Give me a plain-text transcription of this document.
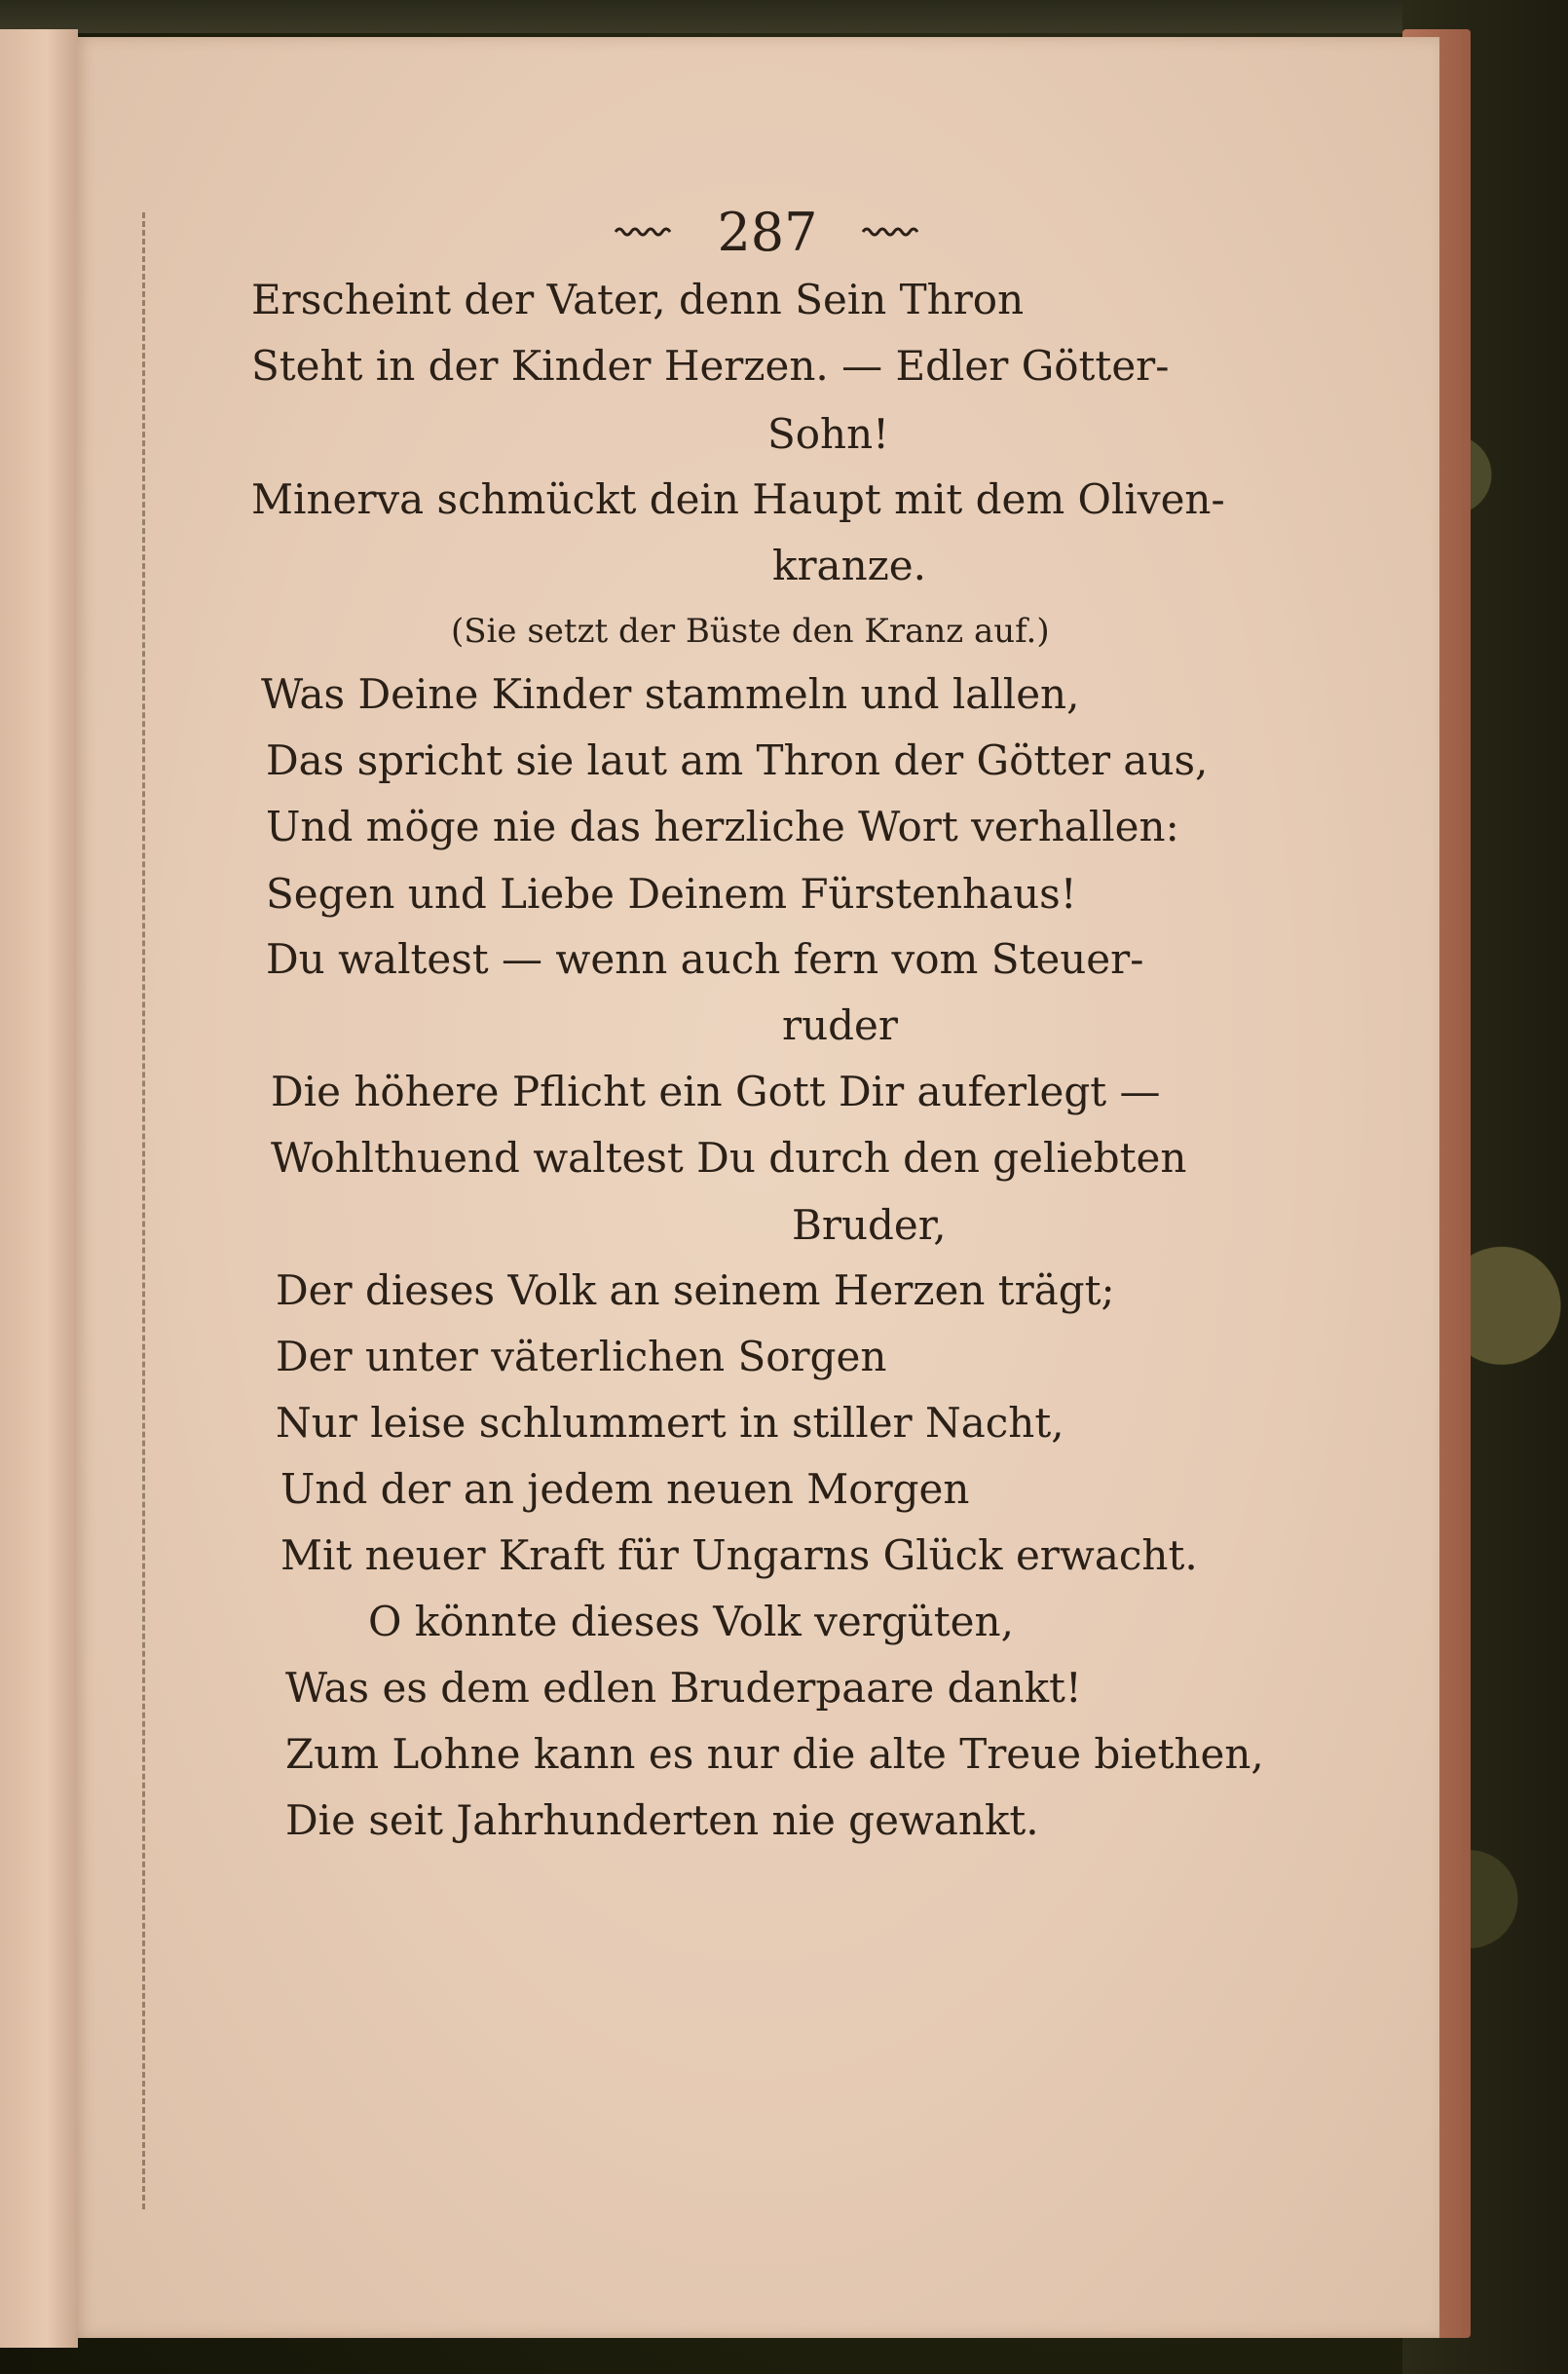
287
Erscheint der Vater, denn Sein Thron
Steht in der Kinder Herzen. — Edler Götter-
Sohn!
Minerva schmückt dein Haupt mit dem Oliven-
kranze.
(Sie setzt der Büste den Kranz auf.)
Was Deine Kinder stammeln und lallen,
Das spricht sie laut am Thron der Götter aus,
Und möge nie das herzliche Wort verhallen:
Segen und Liebe Deinem Fürstenhaus!
Du waltest — wenn auch fern vom Steuer-
ruder
Die höhere Pflicht ein Gott Dir auferlegt —
Wohlthuend waltest Du durch den geliebten
Bruder,
Der dieses Volk an seinem Herzen trägt;
Der unter väterlichen Sorgen
Nur leise schlummert in stiller Nacht,
Und der an jedem neuen Morgen
Mit neuer Kraft für Ungarns Glück erwacht.
O könnte dieses Volk vergüten,
Was es dem edlen Bruderpaare dankt!
Zum Lohne kann es nur die alte Treue biethen,
Die seit Jahrhunderten nie gewankt.
